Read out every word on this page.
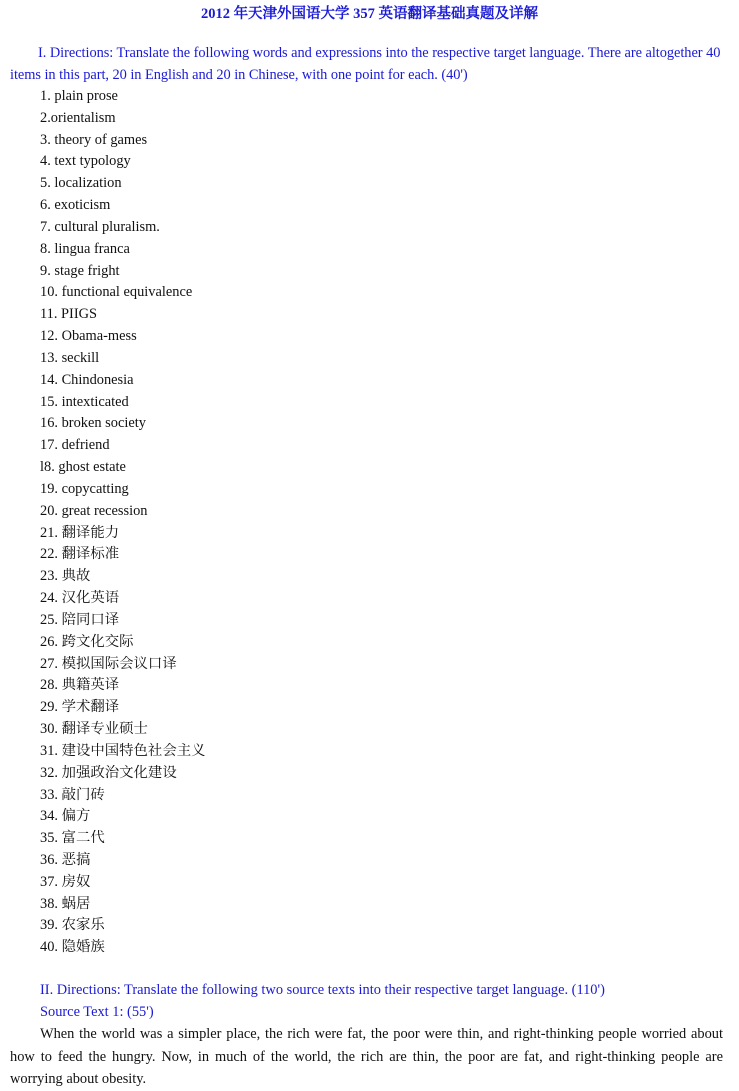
2012 年天津外国语大学 357 英语翻译基础真题及详解

I. Directions: Translate the following words and expressions into the respective target language. There are altogether 40 items in this part, 20 in English and 20 in Chinese, with one point for each. (40')

1. plain prose
2.orientalism
3. theory of games
4. text typology
5. localization
6. exoticism
7. cultural pluralism.
8. lingua franca
9. stage fright
10. functional equivalence
11. PIIGS
12. Obama-mess
13. seckill
14. Chindonesia
15. intexticated
16. broken society
17. defriend
l8. ghost estate
19. copycatting
20. great recession
21. 翻译能力
22. 翻译标准
23. 典故
24. 汉化英语
25. 陪同口译
26. 跨文化交际
27. 模拟国际会议口译
28. 典籍英译
29. 学术翻译
30. 翻译专业硕士
31. 建设中国特色社会主义
32. 加强政治文化建设
33. 敲门砖
34. 偏方
35. 富二代
36. 恶搞
37. 房奴
38. 蜗居
39. 农家乐
40. 隐婚族
II. Directions: Translate the following two source texts into their respective target language. (110')
Source Text 1: (55')

When the world was a simpler place, the rich were fat, the poor were thin, and right-thinking people worried about how to feed the hungry. Now, in much of the world, the rich are thin, the poor are fat, and right-thinking people are worrying about obesity.
